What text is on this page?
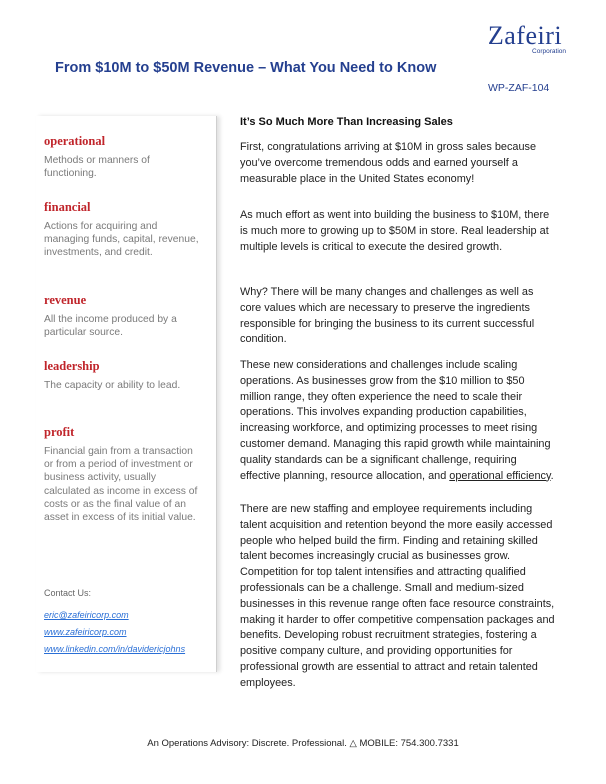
Zafeiri
Corporation
From $10M to $50M Revenue – What You Need to Know
WP-ZAF-104
operational
Methods or manners of functioning.
financial
Actions for acquiring and managing funds, capital, revenue, investments, and credit.
revenue
All the income produced by a particular source.
leadership
The capacity or ability to lead.
profit
Financial gain from a transaction or from a period of investment or business activity, usually calculated as income in excess of costs or as the final value of an asset in excess of its initial value.
Contact Us:
eric@zafeiricorp.com
www.zafeiricorp.com
www.linkedin.com/in/davidericjohns
It’s So Much More Than Increasing Sales
First, congratulations arriving at $10M in gross sales because you’ve overcome tremendous odds and earned yourself a measurable place in the United States economy!
As much effort as went into building the business to $10M, there is much more to growing up to $50M in store. Real leadership at multiple levels is critical to execute the desired growth.
Why? There will be many changes and challenges as well as core values which are necessary to preserve the ingredients responsible for bringing the business to its current successful condition.
These new considerations and challenges include scaling operations. As businesses grow from the $10 million to $50 million range, they often experience the need to scale their operations. This involves expanding production capabilities, increasing workforce, and optimizing processes to meet rising customer demand. Managing this rapid growth while maintaining quality standards can be a significant challenge, requiring effective planning, resource allocation, and operational efficiency.
There are new staffing and employee requirements including talent acquisition and retention beyond the more easily accessed people who helped build the firm. Finding and retaining skilled talent becomes increasingly crucial as businesses grow. Competition for top talent intensifies and attracting qualified professionals can be a challenge. Small and medium-sized businesses in this revenue range often face resource constraints, making it harder to offer competitive compensation packages and benefits. Developing robust recruitment strategies, fostering a positive company culture, and providing opportunities for professional growth are essential to attract and retain talented employees.
An Operations Advisory: Discrete. Professional. △ MOBILE: 754.300.7331
